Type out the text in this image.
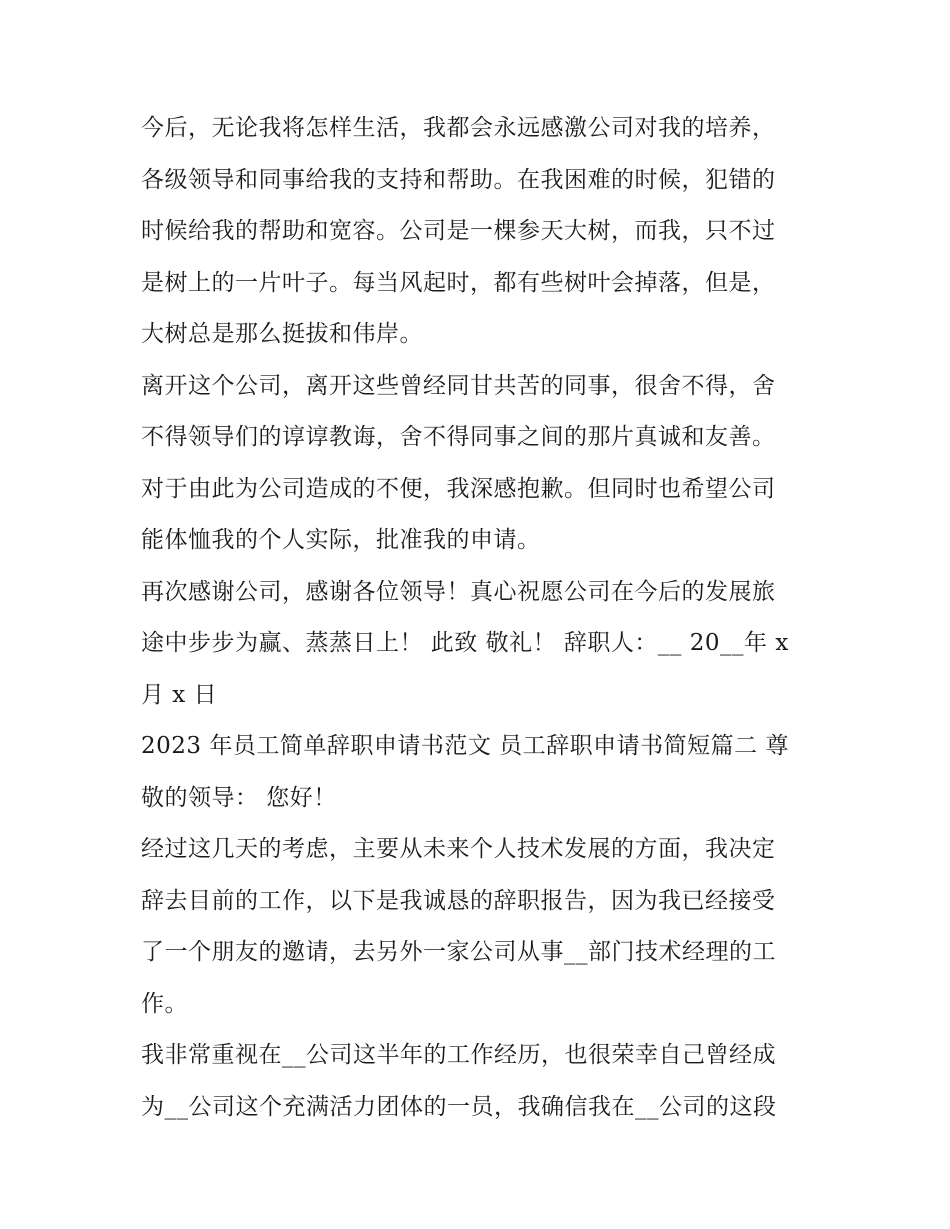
今后，无论我将怎样生活，我都会永远感激公司对我的培养，
各级领导和同事给我的支持和帮助。在我困难的时候，犯错的
时候给我的帮助和宽容。公司是一棵参天大树，而我，只不过
是树上的一片叶子。每当风起时，都有些树叶会掉落，但是，
大树总是那么挺拔和伟岸。
离开这个公司，离开这些曾经同甘共苦的同事，很舍不得，舍
不得领导们的谆谆教诲，舍不得同事之间的那片真诚和友善。
对于由此为公司造成的不便，我深感抱歉。但同时也希望公司
能体恤我的个人实际，批准我的申请。
再次感谢公司，感谢各位领导！真心祝愿公司在今后的发展旅
途中步步为赢、蒸蒸日上！ 此致 敬礼！ 辞职人：__ 20__年 x
月 x 日
2023 年员工简单辞职申请书范文 员工辞职申请书简短篇二 尊
敬的领导： 您好！
经过这几天的考虑，主要从未来个人技术发展的方面，我决定
辞去目前的工作，以下是我诚恳的辞职报告，因为我已经接受
了一个朋友的邀请，去另外一家公司从事__部门技术经理的工
作。
我非常重视在__公司这半年的工作经历，也很荣幸自己曾经成
为__公司这个充满活力团体的一员，我确信我在__公司的这段
